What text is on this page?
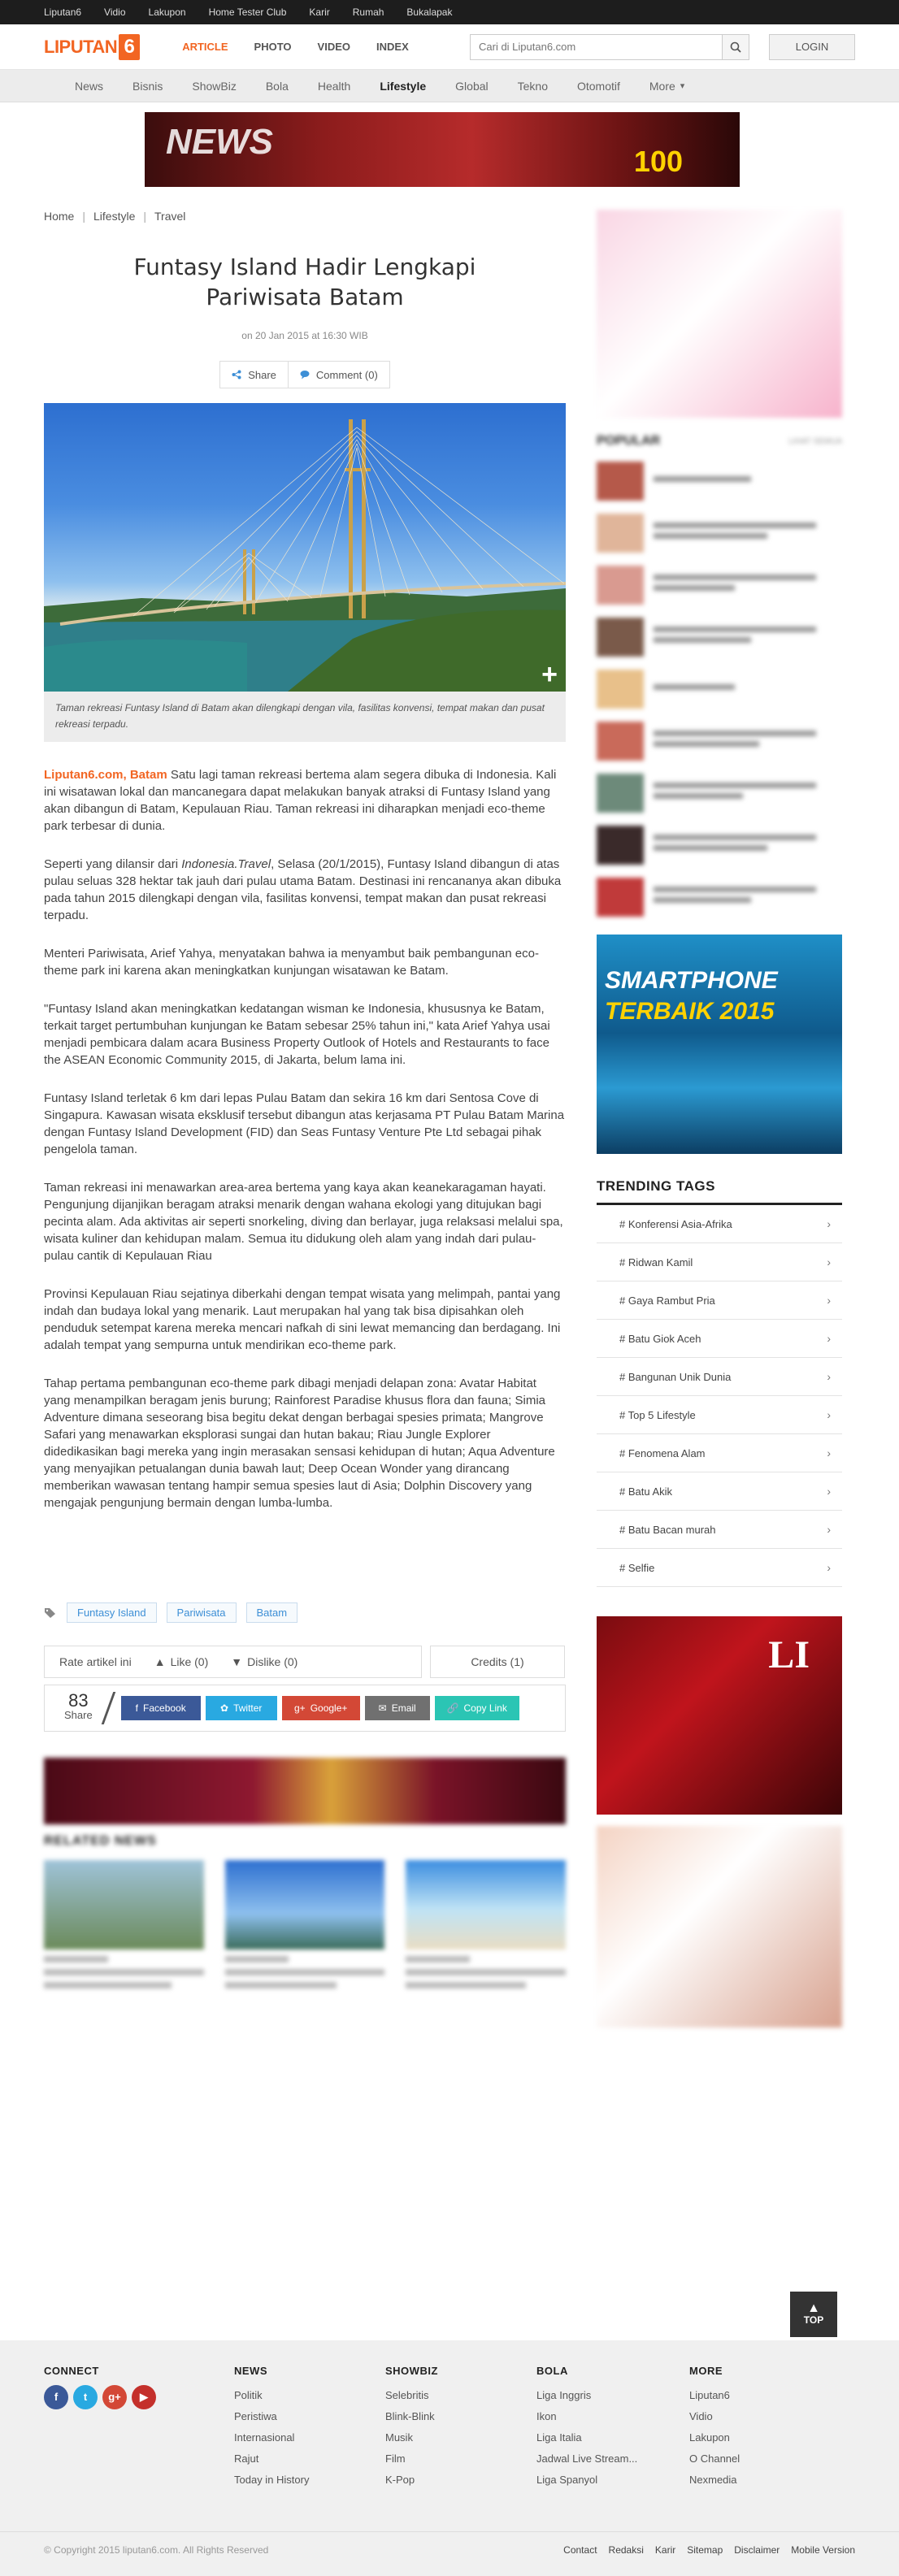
Liputan6 Vidio Lakupon Home Tester Club Karir Rumah Bukalapak
LIPUTAN 6	ARTICLE PHOTO VIDEO INDEX
Cari di Liputan6.com	LOGIN
News	Bisnis	ShowBiz	Bola	Health	Lifestyle	Global	Tekno	Otomotif	More ▾
NEWS	100
Home | Lifestyle | Travel
Funtasy Island Hadir Lengkapi Pariwisata Batam
on 20 Jan 2015 at 16:30 WIB
Share	Comment (0)
+
Taman rekreasi Funtasy Island di Batam akan dilengkapi dengan vila, fasilitas konvensi, tempat makan dan pusat rekreasi terpadu.

Liputan6.com, Batam Satu lagi taman rekreasi bertema alam segera dibuka di Indonesia. Kali ini wisatawan lokal dan mancanegara dapat melakukan banyak atraksi di Funtasy Island yang akan dibangun di Batam, Kepulauan Riau. Taman rekreasi ini diharapkan menjadi eco-theme park terbesar di dunia.

Seperti yang dilansir dari Indonesia.Travel, Selasa (20/1/2015), Funtasy Island dibangun di atas pulau seluas 328 hektar tak jauh dari pulau utama Batam. Destinasi ini rencananya akan dibuka pada tahun 2015 dilengkapi dengan vila, fasilitas konvensi, tempat makan dan pusat rekreasi terpadu.

Menteri Pariwisata, Arief Yahya, menyatakan bahwa ia menyambut baik pembangunan eco-theme park ini karena akan meningkatkan kunjungan wisatawan ke Batam.

"Funtasy Island akan meningkatkan kedatangan wisman ke Indonesia, khususnya ke Batam, terkait target pertumbuhan kunjungan ke Batam sebesar 25% tahun ini," kata Arief Yahya usai menjadi pembicara dalam acara Business Property Outlook of Hotels and Restaurants to face the ASEAN Economic Community 2015, di Jakarta, belum lama ini.

Funtasy Island terletak 6 km dari lepas Pulau Batam dan sekira 16 km dari Sentosa Cove di Singapura. Kawasan wisata eksklusif tersebut dibangun atas kerjasama PT Pulau Batam Marina dengan Funtasy Island Development (FID) dan Seas Funtasy Venture Pte Ltd sebagai pihak pengelola taman.

Taman rekreasi ini menawarkan area-area bertema yang kaya akan keanekaragaman hayati. Pengunjung dijanjikan beragam atraksi menarik dengan wahana ekologi yang ditujukan bagi pecinta alam. Ada aktivitas air seperti snorkeling, diving dan berlayar, juga relaksasi melalui spa, wisata kuliner dan kehidupan malam. Semua itu didukung oleh alam yang indah dari pulau-pulau cantik di Kepulauan Riau

Provinsi Kepulauan Riau sejatinya diberkahi dengan tempat wisata yang melimpah, pantai yang indah dan budaya lokal yang menarik. Laut merupakan hal yang tak bisa dipisahkan oleh penduduk setempat karena mereka mencari nafkah di sini lewat memancing dan berdagang. Ini adalah tempat yang sempurna untuk mendirikan eco-theme park.

Tahap pertama pembangunan eco-theme park dibagi menjadi delapan zona: Avatar Habitat yang menampilkan beragam jenis burung; Rainforest Paradise khusus flora dan fauna; Simia Adventure dimana seseorang bisa begitu dekat dengan berbagai spesies primata; Mangrove Safari yang menawarkan eksplorasi sungai dan hutan bakau; Riau Jungle Explorer didedikasikan bagi mereka yang ingin merasakan sensasi kehidupan di hutan; Aqua Adventure yang menyajikan petualangan dunia bawah laut; Deep Ocean Wonder yang dirancang memberikan wawasan tentang hampir semua spesies laut di Asia; Dolphin Discovery yang mengajak pengunjung bermain dengan lumba-lumba.

Funtasy Island	Pariwisata	Batam
Rate artikel ini ▲ Like (0) ▼ Dislike (0)	Credits (1)
83
Share
f Facebook	✿ Twitter	g+ Google+	✉ Email	🔗 Copy Link
RELATED NEWS
POPULAR	LIHAT SEMUA
SMARTPHONE
TERBAIK 2015
TRENDING TAGS
# Konferensi Asia-Afrika	›
# Ridwan Kamil	›
# Gaya Rambut Pria	›
# Batu Giok Aceh	›
# Bangunan Unik Dunia	›
# Top 5 Lifestyle	›
# Fenomena Alam	›
# Batu Akik	›
# Batu Bacan murah	›
# Selfie	›
LI
▲
TOP
CONNECT
f	t	g+	▶
NEWS
Politik
Peristiwa
Internasional
Rajut
Today in History
SHOWBIZ
Selebritis
Blink-Blink
Musik
Film
K-Pop
BOLA
Liga Inggris
Ikon
Liga Italia
Jadwal Live Stream...
Liga Spanyol
MORE
Liputan6
Vidio
Lakupon
O Channel
Nexmedia
© Copyright 2015 liputan6.com. All Rights Reserved	Contact Redaksi Karir Sitemap Disclaimer Mobile Version
